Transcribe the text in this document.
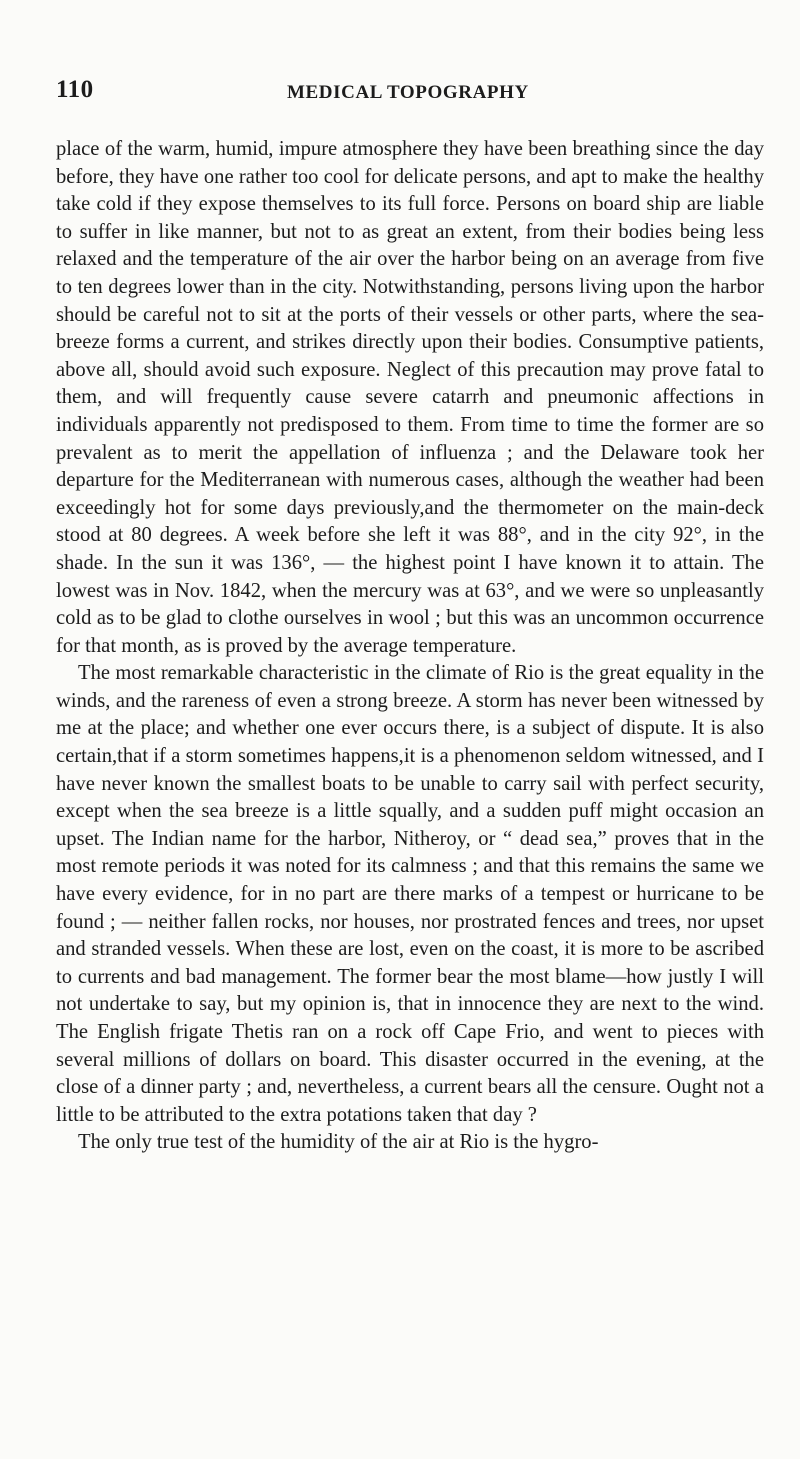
110	MEDICAL TOPOGRAPHY

place of the warm, humid, impure atmosphere they have been breathing since the day before, they have one rather too cool for delicate persons, and apt to make the healthy take cold if they expose themselves to its full force. Persons on board ship are liable to suffer in like manner, but not to as great an extent, from their bodies being less relaxed and the temperature of the air over the harbor being on an average from five to ten degrees lower than in the city. Notwithstanding, persons living upon the harbor should be careful not to sit at the ports of their vessels or other parts, where the sea-breeze forms a current, and strikes directly upon their bodies. Consumptive patients, above all, should avoid such exposure. Neglect of this precaution may prove fatal to them, and will frequently cause severe catarrh and pneumonic affections in individuals apparently not predisposed to them. From time to time the former are so prevalent as to merit the appellation of influenza ; and the Delaware took her departure for the Mediterranean with numerous cases, although the weather had been exceedingly hot for some days previously,and the thermometer on the main-deck stood at 80 degrees. A week before she left it was 88°, and in the city 92°, in the shade. In the sun it was 136°, — the highest point I have known it to attain. The lowest was in Nov. 1842, when the mercury was at 63°, and we were so unpleasantly cold as to be glad to clothe ourselves in wool ; but this was an uncommon occurrence for that month, as is proved by the average temperature.

The most remarkable characteristic in the climate of Rio is the great equality in the winds, and the rareness of even a strong breeze. A storm has never been witnessed by me at the place; and whether one ever occurs there, is a subject of dispute. It is also certain,that if a storm sometimes happens,it is a phenomenon seldom witnessed, and I have never known the smallest boats to be unable to carry sail with perfect security, except when the sea breeze is a little squally, and a sudden puff might occasion an upset. The Indian name for the harbor, Nitheroy, or “ dead sea,” proves that in the most remote periods it was noted for its calmness ; and that this remains the same we have every evidence, for in no part are there marks of a tempest or hurricane to be found ; — neither fallen rocks, nor houses, nor prostrated fences and trees, nor upset and stranded vessels. When these are lost, even on the coast, it is more to be ascribed to currents and bad management. The former bear the most blame—how justly I will not undertake to say, but my opinion is, that in innocence they are next to the wind. The English frigate Thetis ran on a rock off Cape Frio, and went to pieces with several millions of dollars on board. This disaster occurred in the evening, at the close of a dinner party ; and, nevertheless, a current bears all the censure. Ought not a little to be attributed to the extra potations taken that day ?

The only true test of the humidity of the air at Rio is the hygro-
